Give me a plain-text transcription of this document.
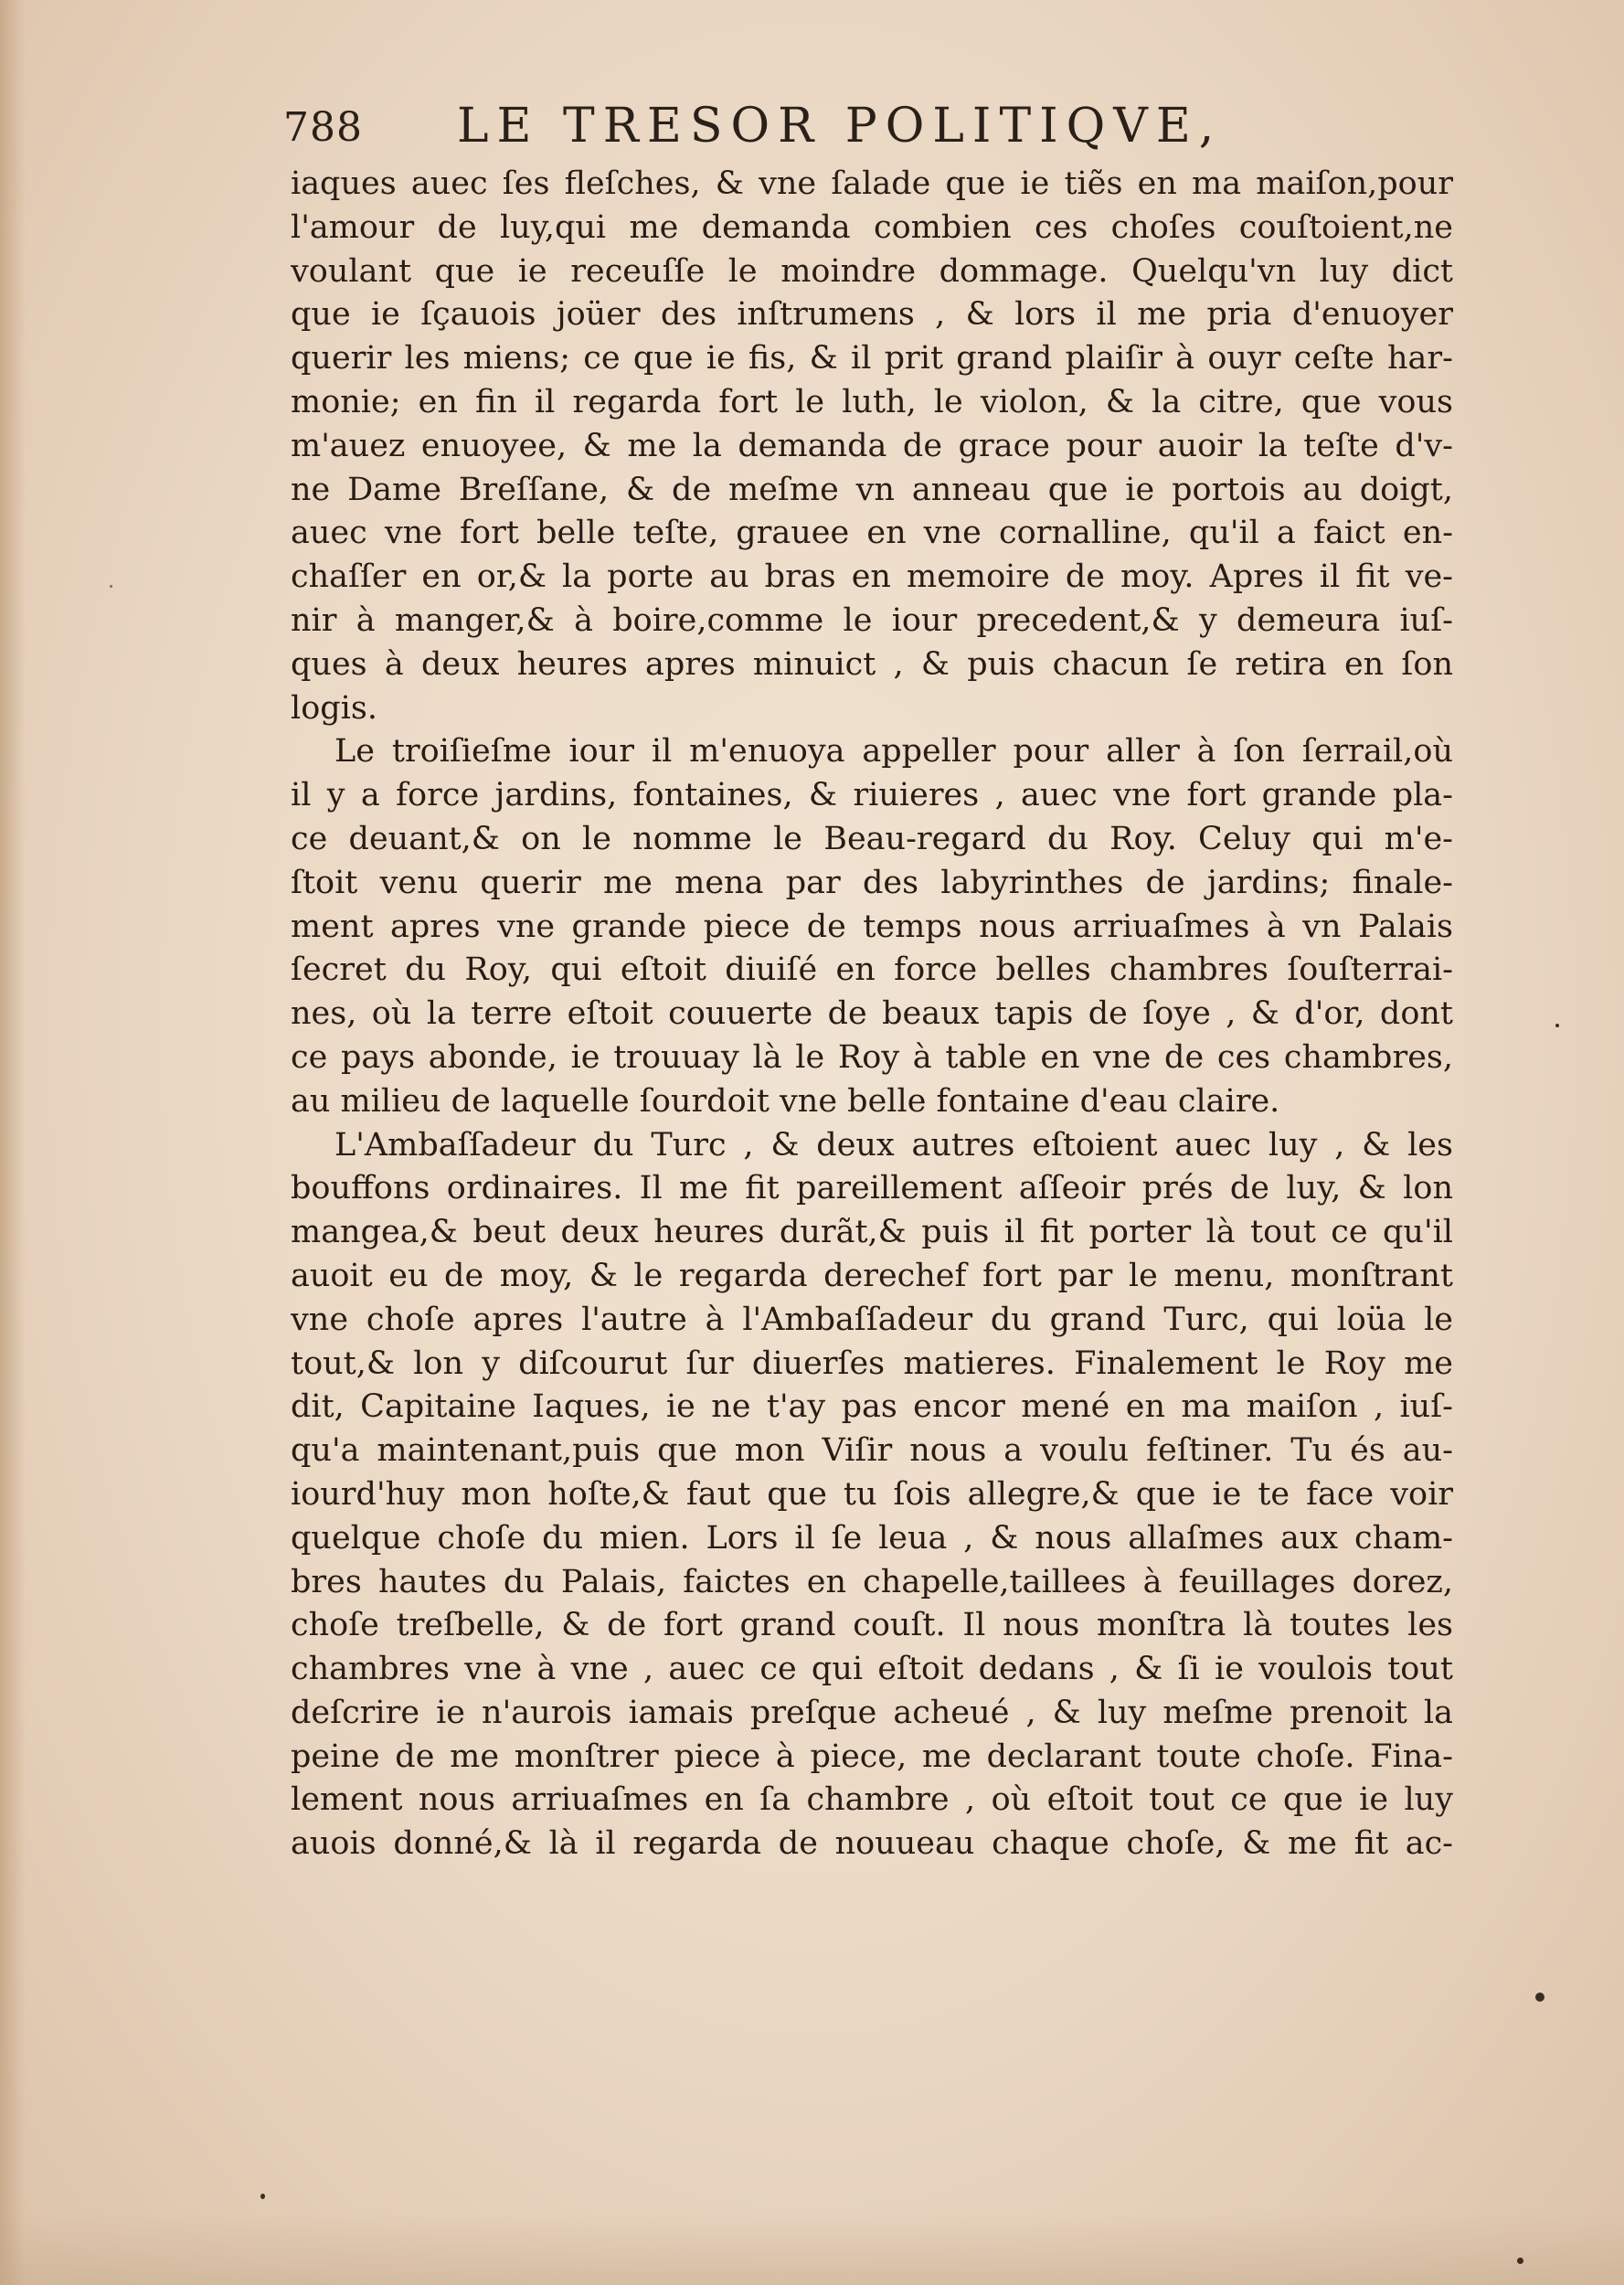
788 LE TRESOR POLITIQVE,
iaques auec ſes fleſches, & vne ſalade que ie tiẽs en ma maiſon,pour
l'amour de luy,qui me demanda combien ces choſes couſtoient,ne
voulant que ie receuſſe le moindre dommage. Quelqu'vn luy dict
que ie ſçauois joüer des inſtrumens , & lors il me pria d'enuoyer
querir les miens; ce que ie fis, & il prit grand plaiſir à ouyr ceſte har-
monie; en fin il regarda fort le luth, le violon, & la citre, que vous
m'auez enuoyee, & me la demanda de grace pour auoir la teſte d'v-
ne Dame Breſſane, & de meſme vn anneau que ie portois au doigt,
auec vne fort belle teſte, grauee en vne cornalline, qu'il a faict en-
chaſſer en or,& la porte au bras en memoire de moy. Apres il fit ve-
nir à manger,& à boire,comme le iour precedent,& y demeura iuſ-
ques à deux heures apres minuict , & puis chacun ſe retira en ſon
logis.
Le troiſieſme iour il m'enuoya appeller pour aller à ſon ſerrail,où
il y a force jardins, fontaines, & riuieres , auec vne fort grande pla-
ce deuant,& on le nomme le Beau-regard du Roy. Celuy qui m'e-
ſtoit venu querir me mena par des labyrinthes de jardins; finale-
ment apres vne grande piece de temps nous arriuaſmes à vn Palais
ſecret du Roy, qui eſtoit diuiſé en force belles chambres ſouſterrai-
nes, où la terre eſtoit couuerte de beaux tapis de ſoye , & d'or, dont
ce pays abonde, ie trouuay là le Roy à table en vne de ces chambres,
au milieu de laquelle ſourdoit vne belle fontaine d'eau claire.
L'Ambaſſadeur du Turc , & deux autres eſtoient auec luy , & les
bouffons ordinaires. Il me fit pareillement aſſeoir prés de luy, & lon
mangea,& beut deux heures durãt,& puis il fit porter là tout ce qu'il
auoit eu de moy, & le regarda derechef fort par le menu, monſtrant
vne choſe apres l'autre à l'Ambaſſadeur du grand Turc, qui loüa le
tout,& lon y diſcourut ſur diuerſes matieres. Finalement le Roy me
dit, Capitaine Iaques, ie ne t'ay pas encor mené en ma maiſon , iuſ-
qu'a maintenant,puis que mon Viſir nous a voulu feſtiner. Tu és au-
iourd'huy mon hoſte,& faut que tu ſois allegre,& que ie te face voir
quelque choſe du mien. Lors il ſe leua , & nous allaſmes aux cham-
bres hautes du Palais, faictes en chapelle,taillees à feuillages dorez,
choſe treſbelle, & de fort grand couſt. Il nous monſtra là toutes les
chambres vne à vne , auec ce qui eſtoit dedans , & ſi ie voulois tout
deſcrire ie n'aurois iamais preſque acheué , & luy meſme prenoit la
peine de me monſtrer piece à piece, me declarant toute choſe. Fina-
lement nous arriuaſmes en ſa chambre , où eſtoit tout ce que ie luy
auois donné,& là il regarda de nouueau chaque choſe, & me fit ac-
